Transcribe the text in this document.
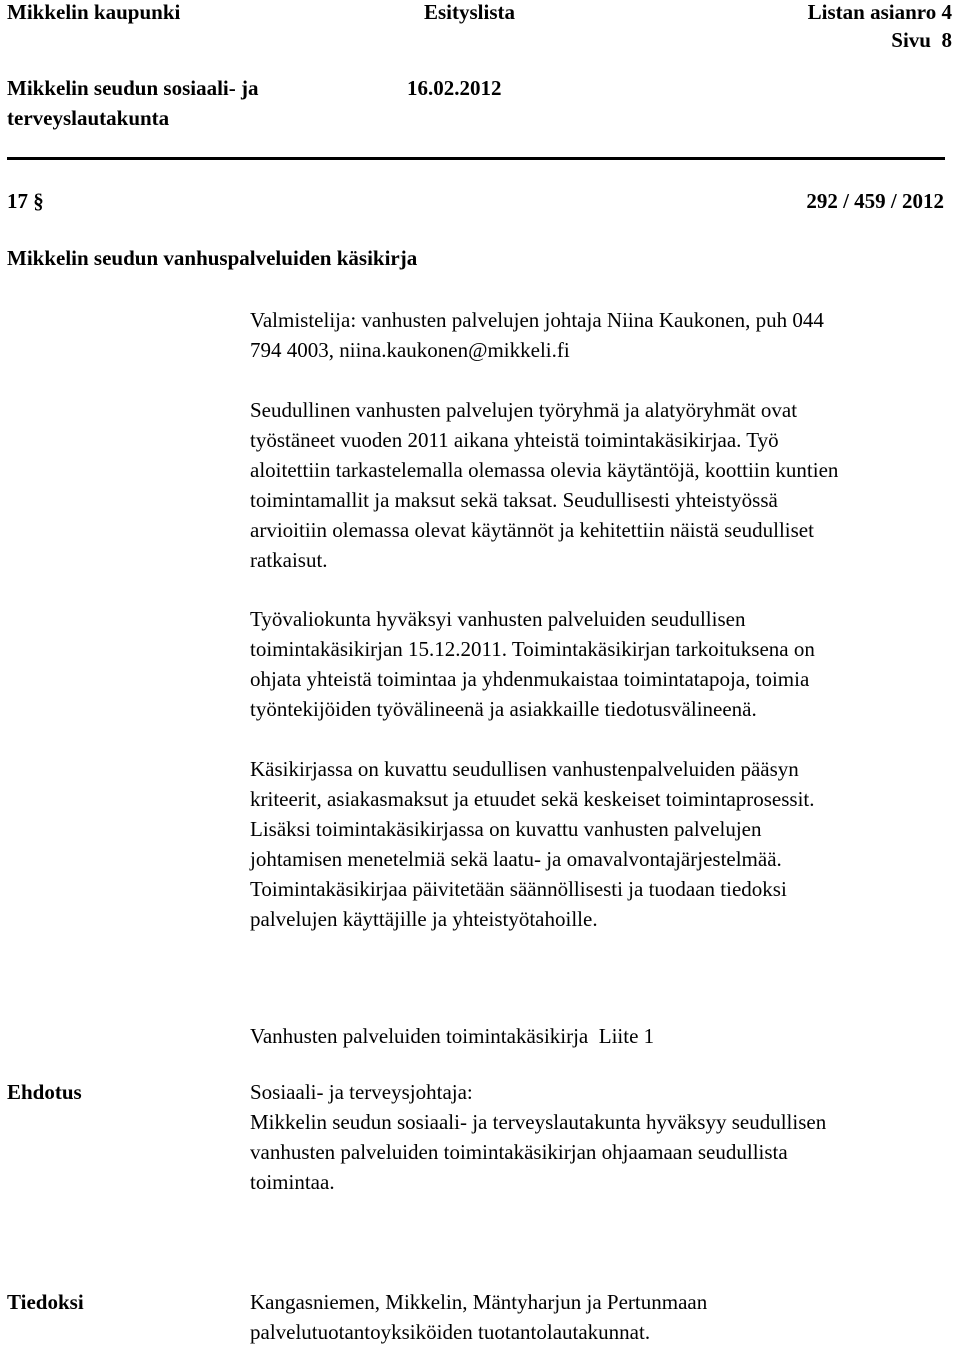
Mikkelin kaupunki	Esityslista	Listan asianro 4
Sivu  8
Mikkelin seudun sosiaali- ja
terveyslautakunta
16.02.2012
17 §	292 / 459 / 2012
Mikkelin seudun vanhuspalveluiden käsikirja

Valmistelija: vanhusten palvelujen johtaja Niina Kaukonen, puh 044

794 4003, niina.kaukonen@mikkeli.fi

Seudullinen vanhusten palvelujen työryhmä ja alatyöryhmät ovat

työstäneet vuoden 2011 aikana yhteistä toimintakäsikirjaa. Työ

aloitettiin tarkastelemalla olemassa olevia käytäntöjä, koottiin kuntien

toimintamallit ja maksut sekä taksat. Seudullisesti yhteistyössä

arvioitiin olemassa olevat käytännöt ja kehitettiin näistä seudulliset

ratkaisut.

Työvaliokunta hyväksyi vanhusten palveluiden seudullisen

toimintakäsikirjan 15.12.2011. Toimintakäsikirjan tarkoituksena on

ohjata yhteistä toimintaa ja yhdenmukaistaa toimintatapoja, toimia

työntekijöiden työvälineenä ja asiakkaille tiedotusvälineenä.

Käsikirjassa on kuvattu seudullisen vanhustenpalveluiden pääsyn

kriteerit, asiakasmaksut ja etuudet sekä keskeiset toimintaprosessit.

Lisäksi toimintakäsikirjassa on kuvattu vanhusten palvelujen

johtamisen menetelmiä sekä laatu- ja omavalvontajärjestelmää.

Toimintakäsikirjaa päivitetään säännöllisesti ja tuodaan tiedoksi

palvelujen käyttäjille ja yhteistyötahoille.

Vanhusten palveluiden toimintakäsikirja  Liite 1
Ehdotus	Sosiaali- ja terveysjohtaja:

Mikkelin seudun sosiaali- ja terveyslautakunta hyväksyy seudullisen

vanhusten palveluiden toimintakäsikirjan ohjaamaan seudullista

toimintaa.

Tiedoksi	Kangasniemen, Mikkelin, Mäntyharjun ja Pertunmaan

palvelutuotantoyksiköiden tuotantolautakunnat.
